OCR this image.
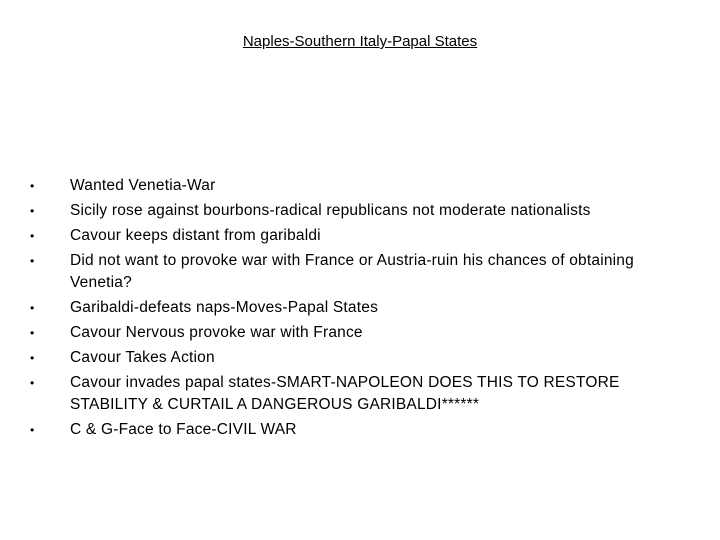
Naples-Southern Italy-Papal States
•	Wanted Venetia-War
•	Sicily rose against bourbons-radical republicans not moderate nationalists
•	Cavour keeps distant from garibaldi
•	Did not want to provoke war with France or Austria-ruin his chances of obtaining Venetia?
•	Garibaldi-defeats naps-Moves-Papal States
•	Cavour Nervous provoke war with France
•	Cavour Takes Action
•	Cavour invades papal states-SMART-NAPOLEON DOES THIS TO RESTORE STABILITY & CURTAIL A DANGEROUS GARIBALDI******
•	C & G-Face to Face-CIVIL WAR
